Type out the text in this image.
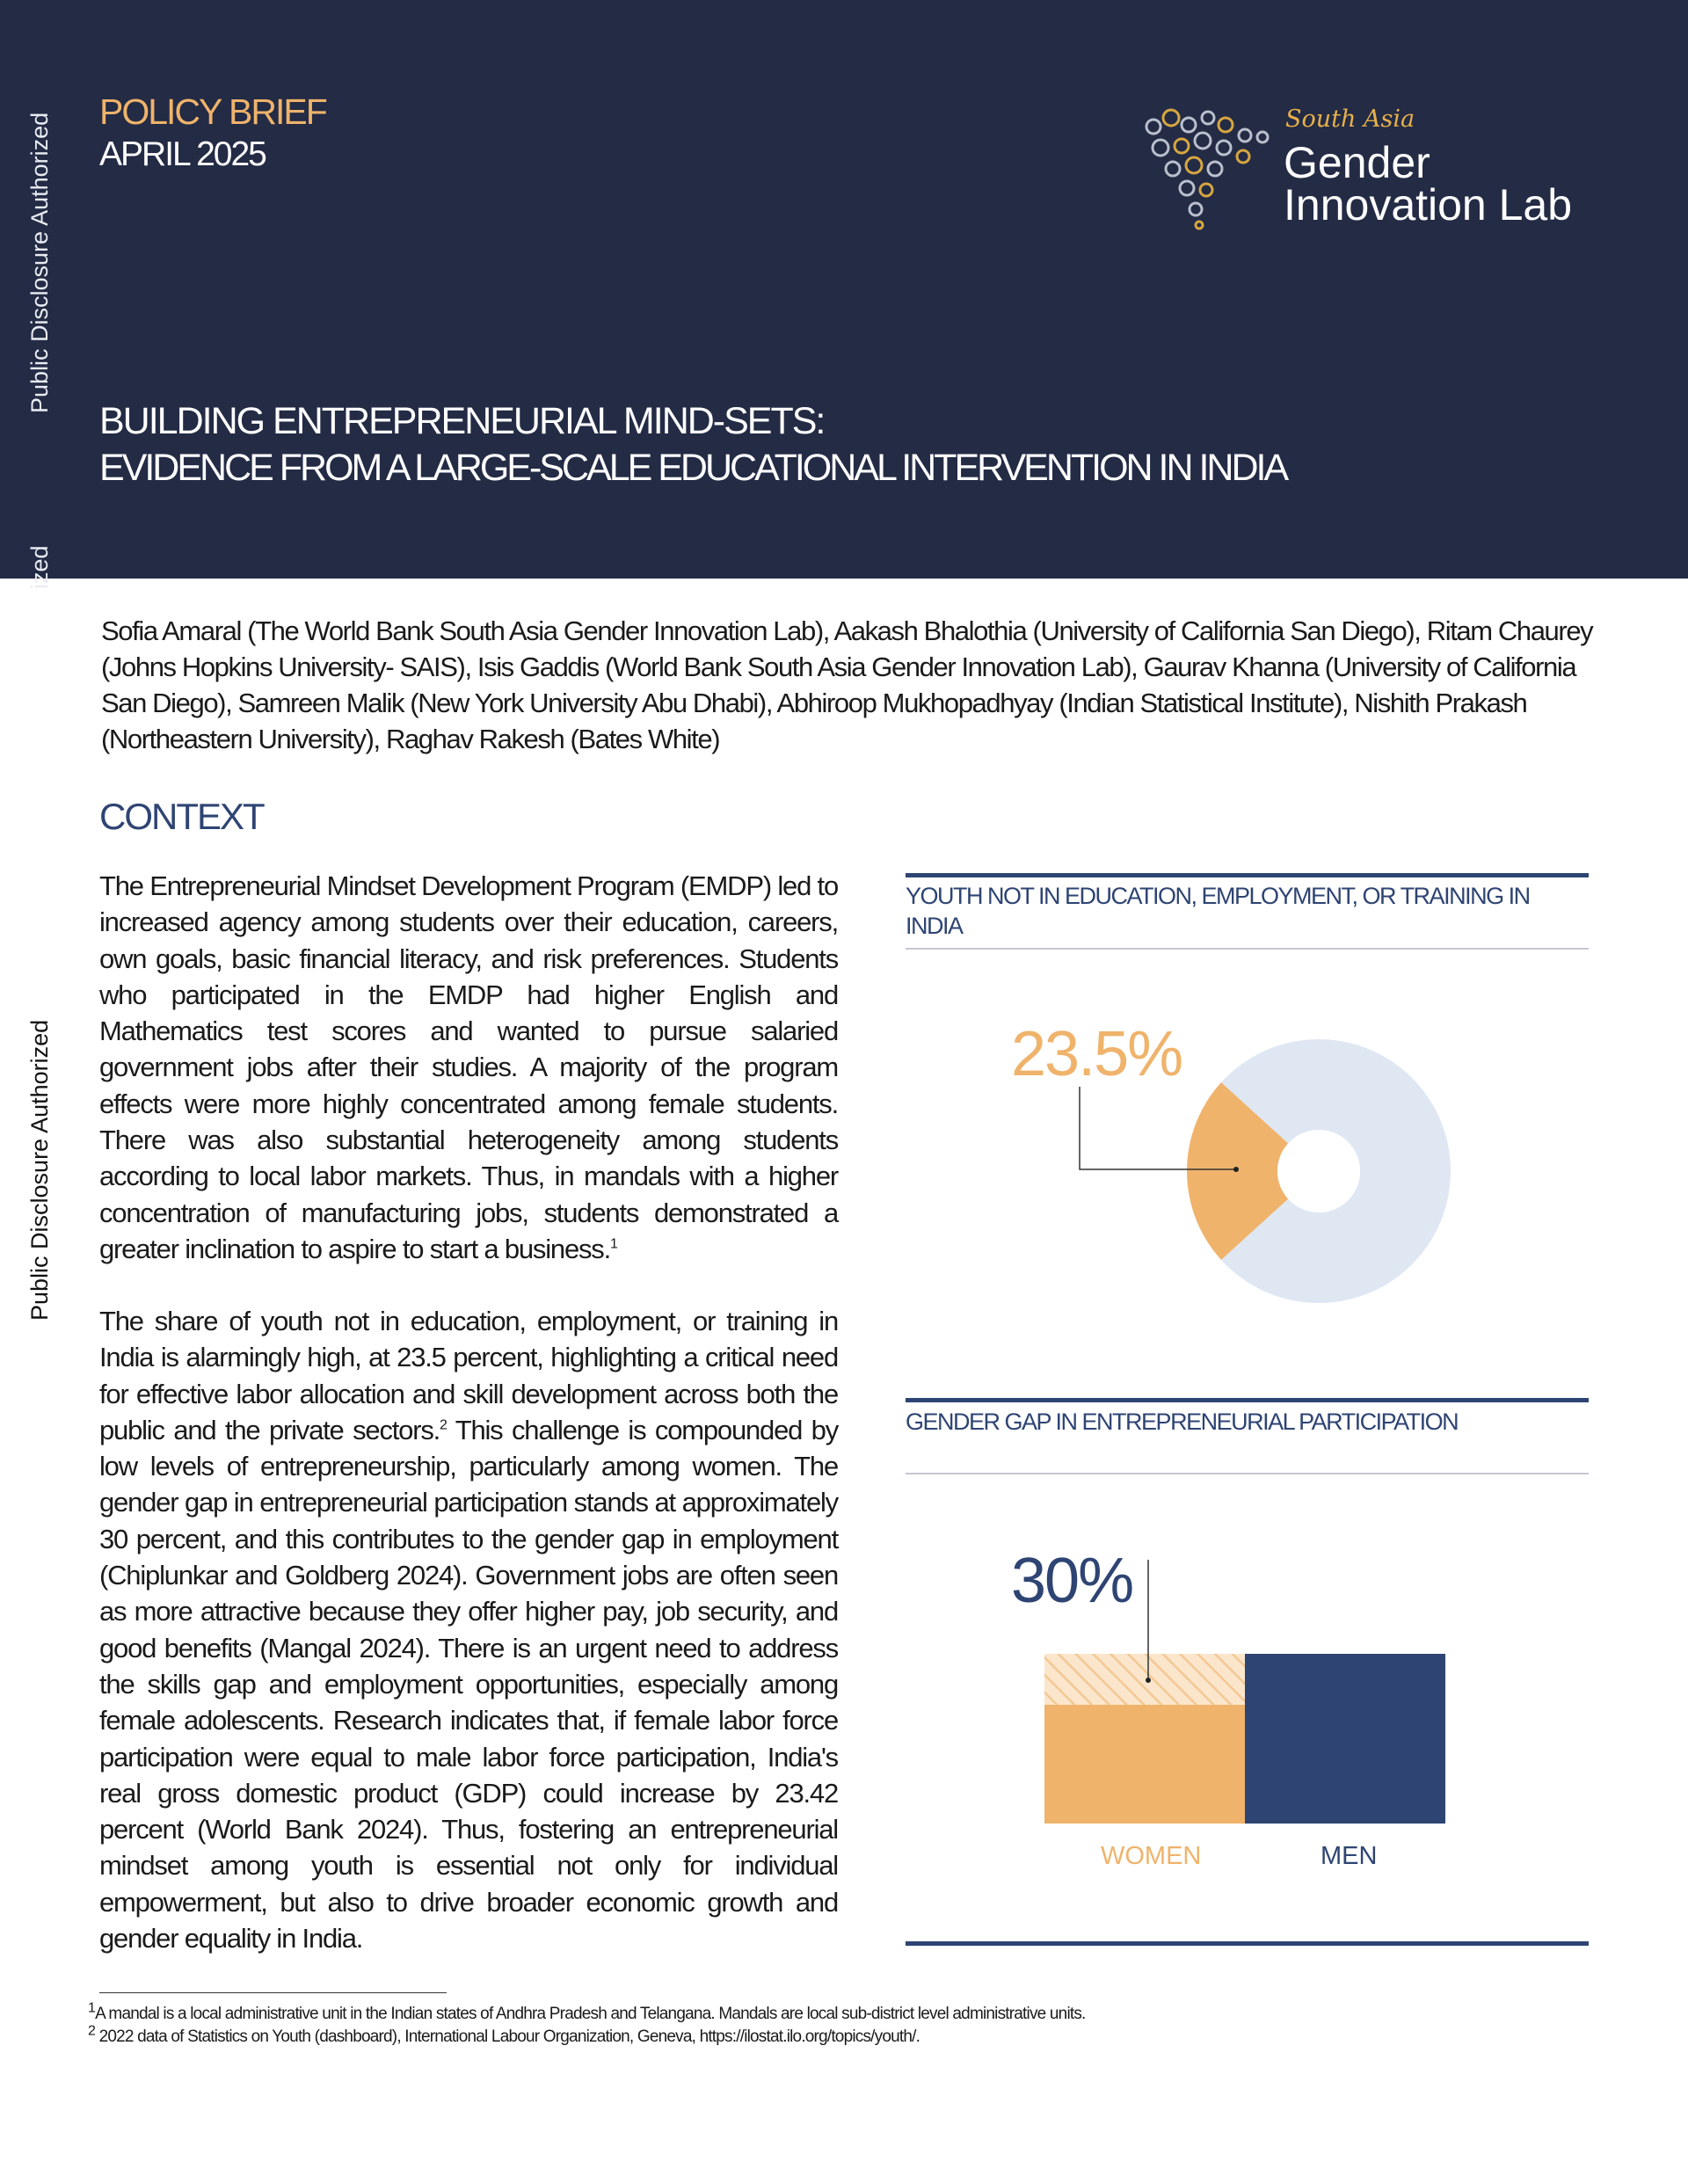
Public Disclosure Authorized
ized
Public Disclosure Authorized
POLICY BRIEF
APRIL 2025
South Asia
Gender
Innovation Lab
BUILDING ENTREPRENEURIAL MIND-SETS:
EVIDENCE FROM A LARGE-SCALE EDUCATIONAL INTERVENTION IN INDIA
Sofia Amaral (The World Bank South Asia Gender Innovation Lab), Aakash Bhalothia (University of California San Diego), Ritam Chaurey (Johns Hopkins University- SAIS), Isis Gaddis (World Bank South Asia Gender Innovation Lab), Gaurav Khanna (University of California San Diego), Samreen Malik (New York University Abu Dhabi), Abhiroop Mukhopadhyay (Indian Statistical Institute), Nishith Prakash (Northeastern University), Raghav Rakesh (Bates White)
CONTEXT
The Entrepreneurial Mindset Development Program (EMDP) led to increased agency among students over their education, careers, own goals, basic financial literacy, and risk preferences. Students who participated in the EMDP had higher English and Mathematics test scores and wanted to pursue salaried government jobs after their studies. A majority of the program effects were more highly concentrated among female students. There was also substantial heterogeneity among students according to local labor markets. Thus, in mandals with a higher concentration of manufacturing jobs, students demonstrated a greater inclination to aspire to start a business.$^1$
The share of youth not in education, employment, or training in India is alarmingly high, at 23.5 percent, highlighting a critical need for effective labor allocation and skill development across both the public and the private sectors.$^2$ This challenge is compounded by low levels of entrepreneurship, particularly among women. The gender gap in entrepreneurial participation stands at approximately 30 percent, and this contributes to the gender gap in employment (Chiplunkar and Goldberg 2024). Government jobs are often seen as more attractive because they offer higher pay, job security, and good benefits (Mangal 2024). There is an urgent need to address the skills gap and employment opportunities, especially among female adolescents. Research indicates that, if female labor force participation were equal to male labor force participation, India's real gross domestic product (GDP) could increase by 23.42 percent (World Bank 2024). Thus, fostering an entrepreneurial mindset among youth is essential not only for individual empowerment, but also to drive broader economic growth and gender equality in India.
YOUTH NOT IN EDUCATION, EMPLOYMENT, OR TRAINING IN INDIA
23.5%
GENDER GAP IN ENTREPRENEURIAL PARTICIPATION
30%
WOMEN	MEN
$^1$A mandal is a local administrative unit in the Indian states of Andhra Pradesh and Telangana. Mandals are local sub-district level administrative units.
$^2$ 2022 data of Statistics on Youth (dashboard), International Labour Organization, Geneva, https://ilostat.ilo.org/topics/youth/.
